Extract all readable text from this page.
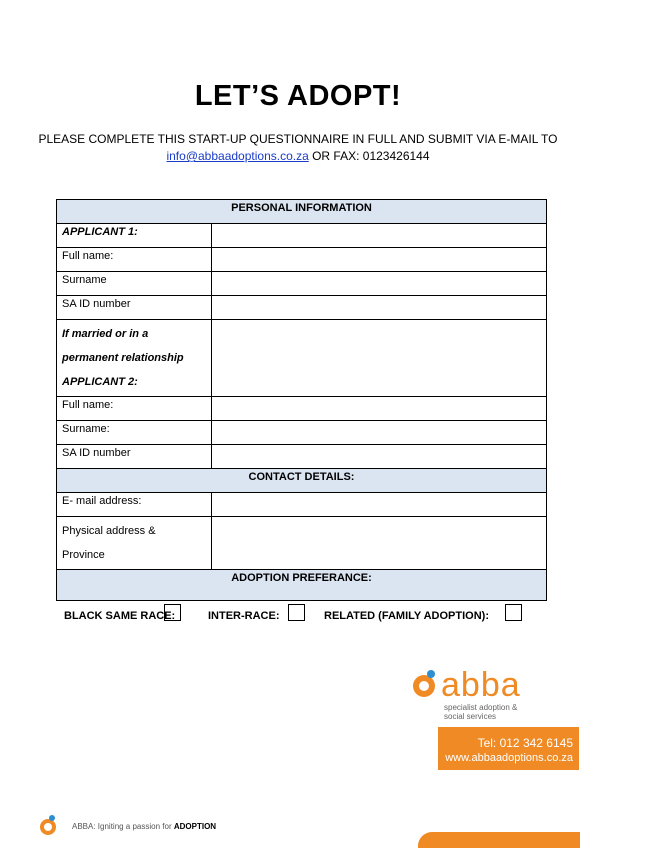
LET’S ADOPT!
PLEASE COMPLETE THIS START-UP QUESTIONNAIRE IN FULL AND SUBMIT VIA E-MAIL TO
info@abbaadoptions.co.za OR FAX: 0123426144
PERSONAL INFORMATION	
APPLICANT 1:	
Full name:	
Surname	
SA ID number	

If married or in a
permanent relationship
APPLICANT 2:	

Full name:	
Surname:	
SA ID number	
CONTACT DETAILS:	
E- mail address:	

Physical address &
Province	

ADOPTION PREFERANCE:	
BLACK SAME RACE:	INTER-RACE:	RELATED (FAMILY ADOPTION):
abba
specialist adoption &
social services
Tel: 012 342 6145
www.abbaadoptions.co.za
ABBA: Igniting a passion for ADOPTION
